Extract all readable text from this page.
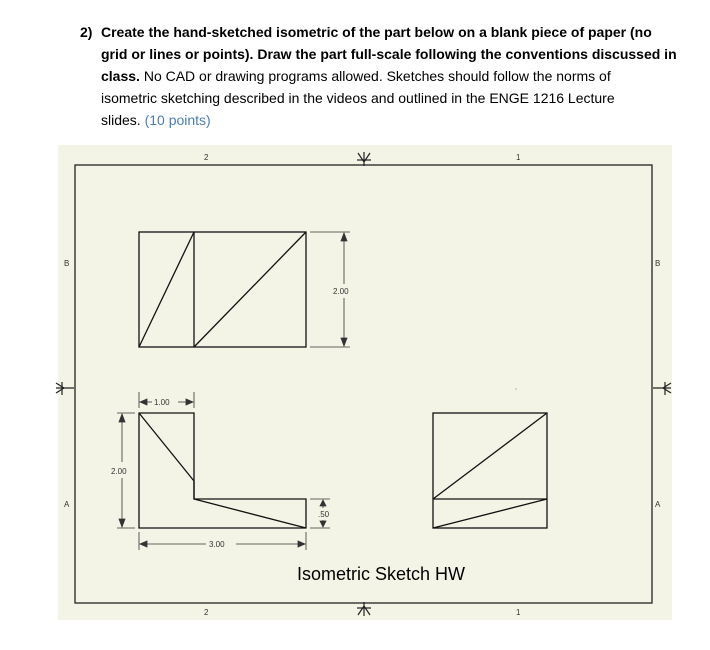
2) Create the hand-sketched isometric of the part below on a blank piece of paper (no
grid or lines or points). Draw the part full-scale following the conventions discussed in
class. No CAD or drawing programs allowed. Sketches should follow the norms of
isometric sketching described in the videos and outlined in the ENGE 1216 Lecture
slides. (10 points)
2	1
2	1
B
A
B
A
2.00
1.00
2.00
.50
3.00
Isometric Sketch HW
